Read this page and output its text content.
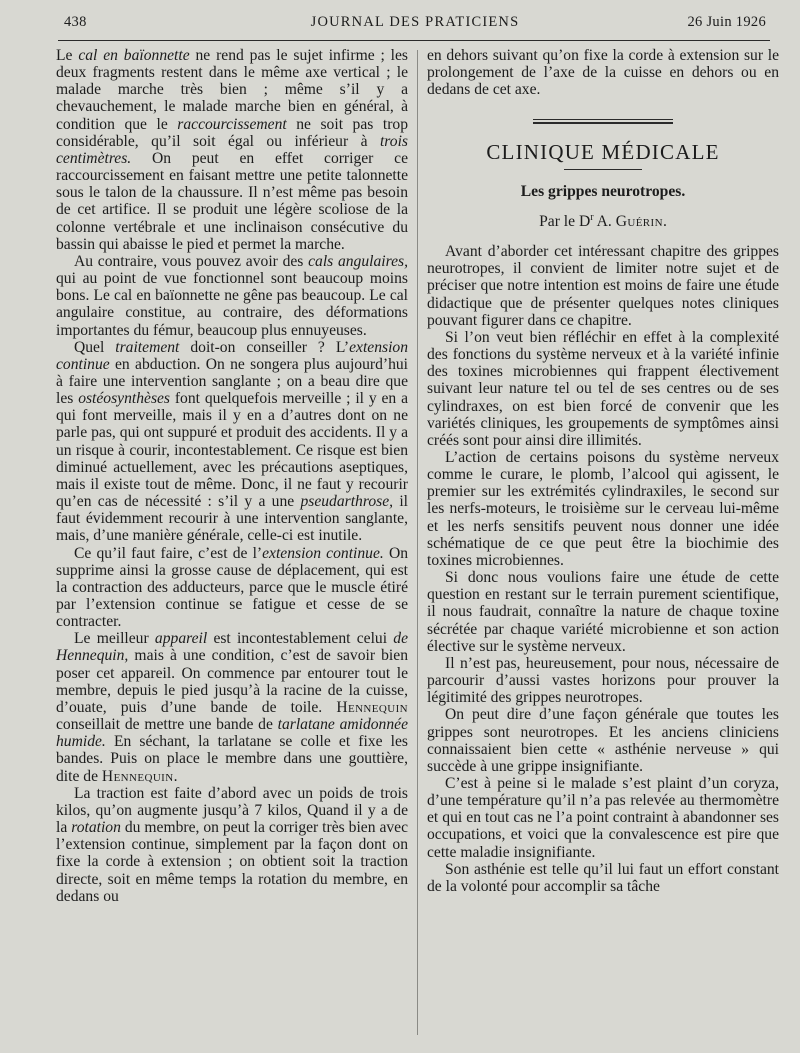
438	JOURNAL DES PRATICIENS	26 Juin 1926

Le cal en baïonnette ne rend pas le sujet infirme ; les deux fragments restent dans le même axe vertical ; le malade marche très bien ; même s’il y a chevauchement, le malade marche bien en général, à condition que le raccourcissement ne soit pas trop considérable, qu’il soit égal ou inférieur à trois centimètres. On peut en effet corriger ce raccourcissement en faisant mettre une petite talonnette sous le talon de la chaussure. Il n’est même pas besoin de cet artifice. Il se produit une légère scoliose de la colonne vertébrale et une inclinaison consécutive du bassin qui abaisse le pied et permet la marche.

Au contraire, vous pouvez avoir des cals angulaires, qui au point de vue fonctionnel sont beaucoup moins bons. Le cal en baïonnette ne gêne pas beaucoup. Le cal angulaire constitue, au contraire, des déformations importantes du fémur, beaucoup plus ennuyeuses.

Quel traitement doit-on conseiller ? L’extension continue en abduction. On ne songera plus aujourd’hui à faire une intervention sanglante ; on a beau dire que les ostéosynthèses font quelquefois merveille ; il y en a qui font merveille, mais il y en a d’autres dont on ne parle pas, qui ont suppuré et produit des accidents. Il y a un risque à courir, incontestablement. Ce risque est bien diminué actuellement, avec les précautions aseptiques, mais il existe tout de même. Donc, il ne faut y recourir qu’en cas de nécessité : s’il y a une pseudarthrose, il faut évidemment recourir à une intervention sanglante, mais, d’une manière générale, celle-ci est inutile.

Ce qu’il faut faire, c’est de l’extension continue. On supprime ainsi la grosse cause de déplacement, qui est la contraction des adducteurs, parce que le muscle étiré par l’extension continue se fatigue et cesse de se contracter.

Le meilleur appareil est incontestablement celui de Hennequin, mais à une condition, c’est de savoir bien poser cet appareil. On commence par entourer tout le membre, depuis le pied jusqu’à la racine de la cuisse, d’ouate, puis d’une bande de toile. Hennequin conseillait de mettre une bande de tarlatane amidonnée humide. En séchant, la tarlatane se colle et fixe les bandes. Puis on place le membre dans une gouttière, dite de Hennequin.

La traction est faite d’abord avec un poids de trois kilos, qu’on augmente jusqu’à 7 kilos, Quand il y a de la rotation du membre, on peut la corriger très bien avec l’extension continue, simplement par la façon dont on fixe la corde à extension ; on obtient soit la traction directe, soit en même temps la rotation du membre, en dedans ou

en dehors suivant qu’on fixe la corde à extension sur le prolongement de l’axe de la cuisse en dehors ou en dedans de cet axe.

CLINIQUE MÉDICALE
Les grippes neurotropes.
Par le $D^r$ A. Guérin.

Avant d’aborder cet intéressant chapitre des grippes neurotropes, il convient de limiter notre sujet et de préciser que notre intention est moins de faire une étude didactique que de présenter quelques notes cliniques pouvant figurer dans ce chapitre.

Si l’on veut bien réfléchir en effet à la complexité des fonctions du système nerveux et à la variété infinie des toxines microbiennes qui frappent électivement suivant leur nature tel ou tel de ses centres ou de ses cylindraxes, on est bien forcé de convenir que les variétés cliniques, les groupements de symptômes ainsi créés sont pour ainsi dire illimités.

L’action de certains poisons du système nerveux comme le curare, le plomb, l’alcool qui agissent, le premier sur les extrémités cylindraxiles, le second sur les nerfs-moteurs, le troisième sur le cerveau lui-même et les nerfs sensitifs peuvent nous donner une idée schématique de ce que peut être la biochimie des toxines microbiennes.

Si donc nous voulions faire une étude de cette question en restant sur le terrain purement scientifique, il nous faudrait, connaître la nature de chaque toxine sécrétée par chaque variété microbienne et son action élective sur le système nerveux.

Il n’est pas, heureusement, pour nous, nécessaire de parcourir d’aussi vastes horizons pour prouver la légitimité des grippes neurotropes.

On peut dire d’une façon générale que toutes les grippes sont neurotropes. Et les anciens cliniciens connaissaient bien cette « asthénie nerveuse » qui succède à une grippe insignifiante.

C’est à peine si le malade s’est plaint d’un coryza, d’une température qu’il n’a pas relevée au thermomètre et qui en tout cas ne l’a point contraint à abandonner ses occupations, et voici que la convalescence est pire que cette maladie insignifiante.

Son asthénie est telle qu’il lui faut un effort constant de la volonté pour accomplir sa tâche
